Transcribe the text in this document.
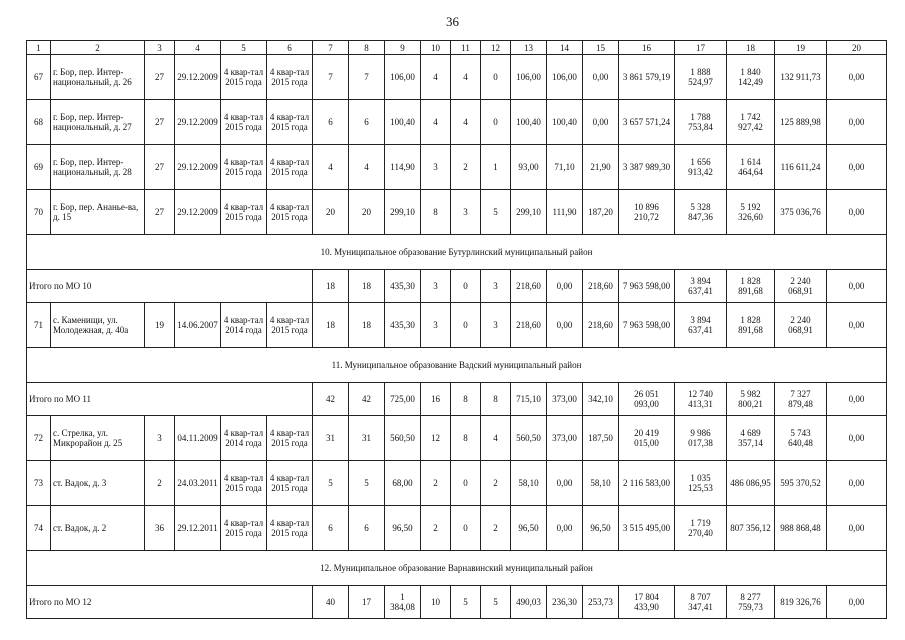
36
1	2	3	4	5	6	7	8	9	10	11	12	13	14	15	16	17	18	19	20
67	г. Бор, пер. Интер-национальный, д. 26	27	29.12.2009	4 квар-тал 2015 года	4 квар-тал 2015 года	7	7	106,00	4	4	0	106,00	106,00	0,00	3 861 579,19	1 888 524,97	1 840 142,49	132 911,73	0,00
68	г. Бор, пер. Интер-национальный, д. 27	27	29.12.2009	4 квар-тал 2015 года	4 квар-тал 2015 года	6	6	100,40	4	4	0	100,40	100,40	0,00	3 657 571,24	1 788 753,84	1 742 927,42	125 889,98	0,00
69	г. Бор, пер. Интер-национальный, д. 28	27	29.12.2009	4 квар-тал 2015 года	4 квар-тал 2015 года	4	4	114,90	3	2	1	93,00	71,10	21,90	3 387 989,30	1 656 913,42	1 614 464,64	116 611,24	0,00
70	г. Бор, пер. Ананье-ва, д. 15	27	29.12.2009	4 квар-тал 2015 года	4 квар-тал 2015 года	20	20	299,10	8	3	5	299,10	111,90	187,20	10 896 210,72	5 328 847,36	5 192 326,60	375 036,76	0,00
10. Муниципальное образование Бутурлинский муниципальный район																			
Итого по МО 10						18	18	435,30	3	0	3	218,60	0,00	218,60	7 963 598,00	3 894 637,41	1 828 891,68	2 240 068,91	0,00
71	с. Каменищи, ул. Молодежная, д. 40а	19	14.06.2007	4 квар-тал 2014 года	4 квар-тал 2015 года	18	18	435,30	3	0	3	218,60	0,00	218,60	7 963 598,00	3 894 637,41	1 828 891,68	2 240 068,91	0,00
11. Муниципальное образование Вадский муниципальный район																			
Итого по МО 11						42	42	725,00	16	8	8	715,10	373,00	342,10	26 051 093,00	12 740 413,31	5 982 800,21	7 327 879,48	0,00
72	с. Стрелка, ул. Микрорайон д. 25	3	04.11.2009	4 квар-тал 2014 года	4 квар-тал 2015 года	31	31	560,50	12	8	4	560,50	373,00	187,50	20 419 015,00	9 986 017,38	4 689 357,14	5 743 640,48	0,00
73	ст. Вадок, д. 3	2	24.03.2011	4 квар-тал 2015 года	4 квар-тал 2015 года	5	5	68,00	2	0	2	58,10	0,00	58,10	2 116 583,00	1 035 125,53	486 086,95	595 370,52	0,00
74	ст. Вадок, д. 2	36	29.12.2011	4 квар-тал 2015 года	4 квар-тал 2015 года	6	6	96,50	2	0	2	96,50	0,00	96,50	3 515 495,00	1 719 270,40	807 356,12	988 868,48	0,00
12. Муниципальное образование Варнавинский муниципальный район																			
Итого по МО 12						40	17	1 384,08	10	5	5	490,03	236,30	253,73	17 804 433,90	8 707 347,41	8 277 759,73	819 326,76	0,00
